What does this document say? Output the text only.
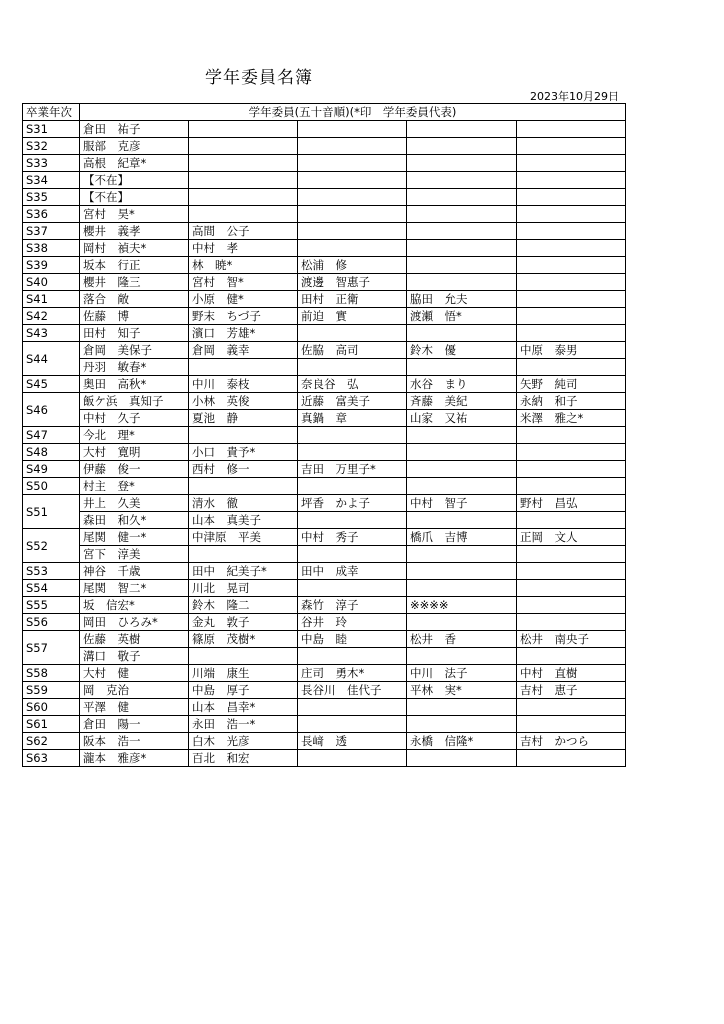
学年委員名簿
2023年10月29日
卒業年次	学年委員(五十音順)(*印　学年委員代表)				
S31	倉田　祐子				
S32	服部　克彦				
S33	高根　紀章*				
S34	【不在】				
S35	【不在】				
S36	宮村　昊*				
S37	櫻井　義孝	高間　公子			
S38	岡村　禎夫*	中村　孝			
S39	坂本　行正	林　暁*	松浦　修		
S40	櫻井　隆三	宮村　智*	渡邊　智惠子		
S41	落合　敞	小原　健*	田村　正衛	脇田　允夫	
S42	佐藤　博	野末　ちづ子	前迫　實	渡瀬　悟*	
S43	田村　知子	濱口　芳雄*			
S44	倉岡　美保子	倉岡　義幸	佐脇　高司	鈴木　優	中原　泰男
	丹羽　敏春*				
S45	奥田　高秋*	中川　泰枝	奈良谷　弘	水谷　まり	矢野　純司
S46	飯ケ浜　真知子	小林　英俊	近藤　富美子	斉藤　美紀	永納　和子
	中村　久子	夏池　静	真鍋　章	山家　又祐	米澤　雅之*
S47	今北　理*				
S48	大村　寛明	小口　貴予*			
S49	伊藤　俊一	西村　修一	吉田　万里子*		
S50	村主　登*				
S51	井上　久美	清水　徹	坪香　かよ子	中村　智子	野村　昌弘
	森田　和久*	山本　真美子			
S52	尾関　健一*	中津原　平美	中村　秀子	橋爪　吉博	正岡　文人
	宮下　淳美				
S53	神谷　千歳	田中　紀美子*	田中　成幸		
S54	尾関　智二*	川北　晃司			
S55	坂　信宏*	鈴木　隆二	森竹　淳子	※※※※	
S56	岡田　ひろみ*	金丸　敦子	谷井　玲		
S57	佐藤　英樹	篠原　茂樹*	中島　睦	松井　香	松井　南央子
	溝口　敬子				
S58	大村　健	川端　康生	庄司　勇木*	中川　法子	中村　直樹
S59	岡　克治	中島　厚子	長谷川　佳代子	平林　実*	吉村　恵子
S60	平澤　健	山本　昌幸*			
S61	倉田　陽一	永田　浩一*			
S62	阪本　浩一	白木　光彦	長﨑　透	永橋　信隆*	吉村　かつら
S63	瀧本　雅彦*	百北　和宏			
